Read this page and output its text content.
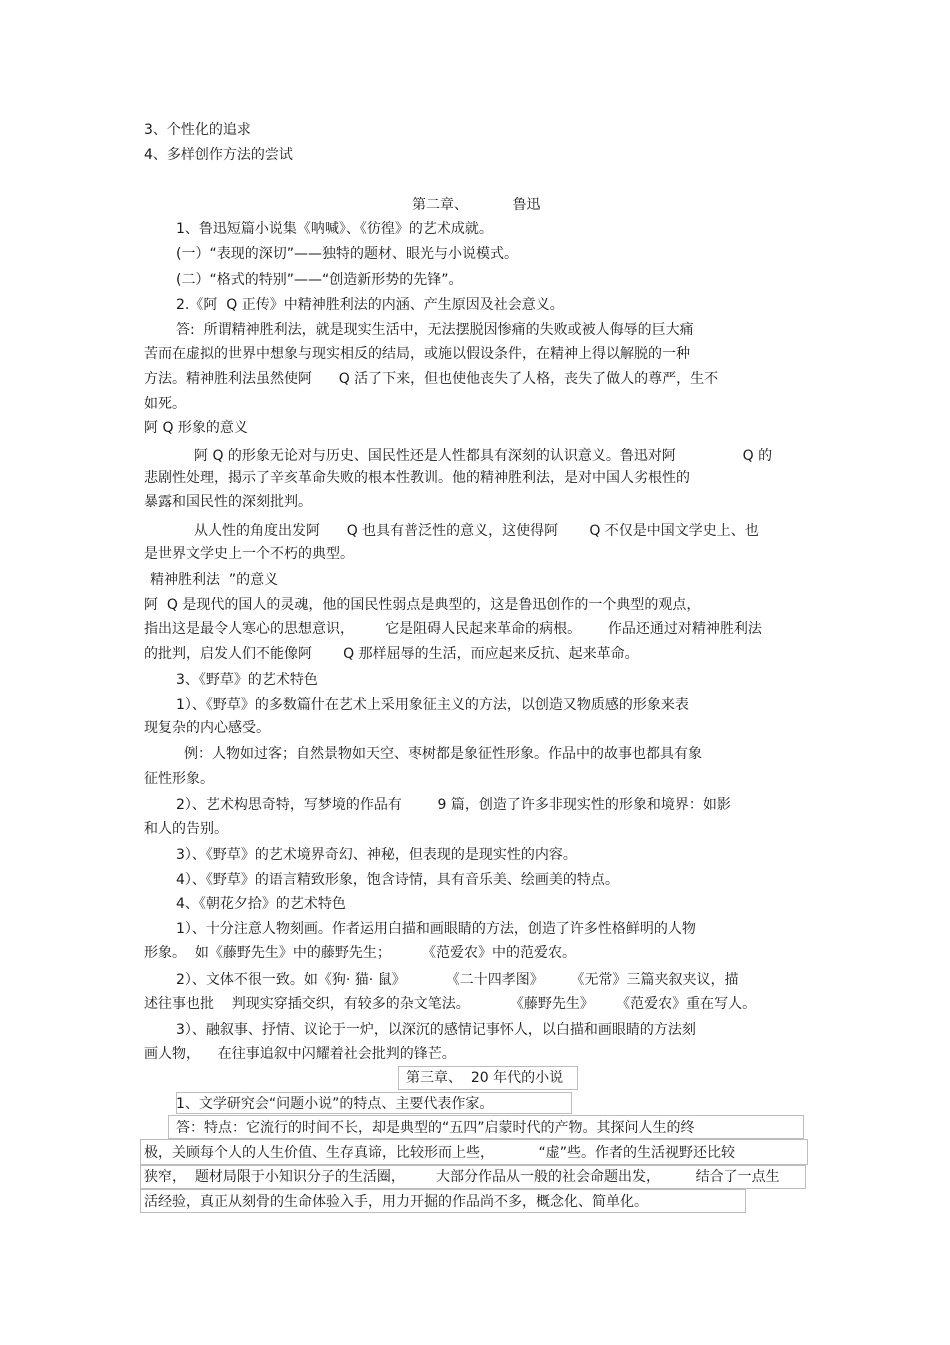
3、个性化的追求
4、多样创作方法的尝试
第二章、          鲁迅
1、鲁迅短篇小说集《呐喊》、《彷徨》的艺术成就。
(一）“表现的深切”——独特的题材、眼光与小说模式。
(二）“格式的特别”——“创造新形势的先锋”。
2.《阿  Q 正传》中精神胜利法的内涵、产生原因及社会意义。
答:  所谓精神胜利法，就是现实生活中，无法摆脱因惨痛的失败或被人侮辱的巨大痛
苦而在虚拟的世界中想象与现实相反的结局，或施以假设条件，在精神上得以解脱的一种
方法。精神胜利法虽然使阿      Q 活了下来，但也使他丧失了人格，丧失了做人的尊严，生不
如死。
阿 Q 形象的意义
阿 Q 的形象无论对与历史、国民性还是人性都具有深刻的认识意义。鲁迅对阿               Q 的
悲剧性处理，揭示了辛亥革命失败的根本性教训。他的精神胜利法，是对中国人劣根性的
暴露和国民性的深刻批判。
从人性的角度出发阿      Q 也具有普泛性的意义，这使得阿       Q 不仅是中国文学史上、也
是世界文学史上一个不朽的典型。
精神胜利法  ”的意义
阿  Q 是现代的国人的灵魂，他的国民性弱点是典型的，这是鲁迅创作的一个典型的观点，
指出这是最令人寒心的思想意识，       它是阻碍人民起来革命的病根。      作品还通过对精神胜利法
的批判，启发人们不能像阿       Q 那样屈辱的生活，而应起来反抗、起来革命。
3、《野草》的艺术特色
1）、《野草》的多数篇什在艺术上采用象征主义的方法，以创造又物质感的形象来表
现复杂的内心感受。
例：人物如过客；自然景物如天空、枣树都是象征性形象。作品中的故事也都具有象
征性形象。
2）、艺术构思奇特，写梦境的作品有        9 篇，创造了许多非现实性的形象和境界：如影
和人的告别。
3）、《野草》的艺术境界奇幻、神秘，但表现的是现实性的内容。
4）、《野草》的语言精致形象，饱含诗情，具有音乐美、绘画美的特点。
4、《朝花夕拾》的艺术特色
1）、十分注意人物刻画。作者运用白描和画眼睛的方法，创造了许多性格鲜明的人物
形象。  如《藤野先生》中的藤野先生；       《范爱农》中的范爱农。
2）、文体不很一致。如《狗· 猫· 鼠》         《二十四孝图》      《无常》三篇夹叙夹议，描
述往事也批    判现实穿插交织，有较多的杂文笔法。         《藤野先生》     《范爱农》重在写人。
3）、融叙事、抒情、议论于一炉，以深沉的感情记事怀人，以白描和画眼睛的方法刻
画人物，    在往事追叙中闪耀着社会批判的锋芒。
第三章、  20 年代的小说
1、文学研究会“问题小说”的特点、主要代表作家。
答：特点：它流行的时间不长，却是典型的“五四”启蒙时代的产物。其探问人生的终
极，关顾每个人的人生价值、生存真谛，比较形而上些，          “虚”些。作者的生活视野还比较
狭窄，  题材局限于小知识分子的生活圈，       大部分作品从一般的社会命题出发，        结合了一点生
活经验，真正从刻骨的生命体验入手，用力开掘的作品尚不多，概念化、简单化。
